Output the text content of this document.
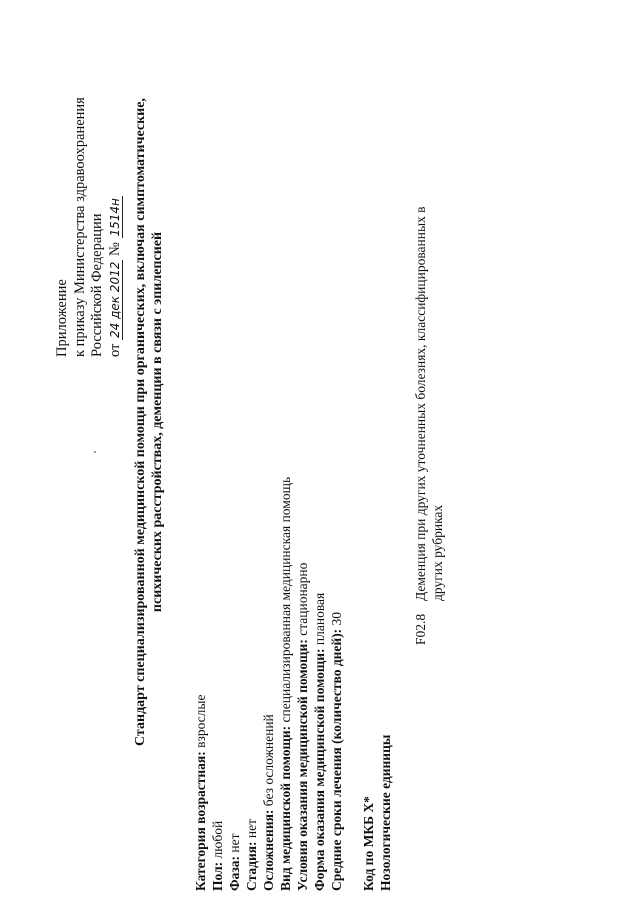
Приложение к приказу Министерства здравоохранения Российской Федерации от 24 дек 2012 № 1514н Стандарт специализированной медицинской помощи при органических, включая симптоматические, психических расстройствах, деменции в связи с эпилепсией
Категория возрастная: взрослые
Пол: любой
Фаза: нет Стадия: нет Осложнения: без осложнений Вид медицинской помощи: специализированная медицинская помощь
Условия оказания медицинской помощи: стационарно
Форма оказания медицинской помощи: плановая
Средние сроки лечения (количество дней): 30
Код по МКБ X* Нозологические единицы
F02.8Деменция при других уточненных болезнях, классифицированных в других рубриках
